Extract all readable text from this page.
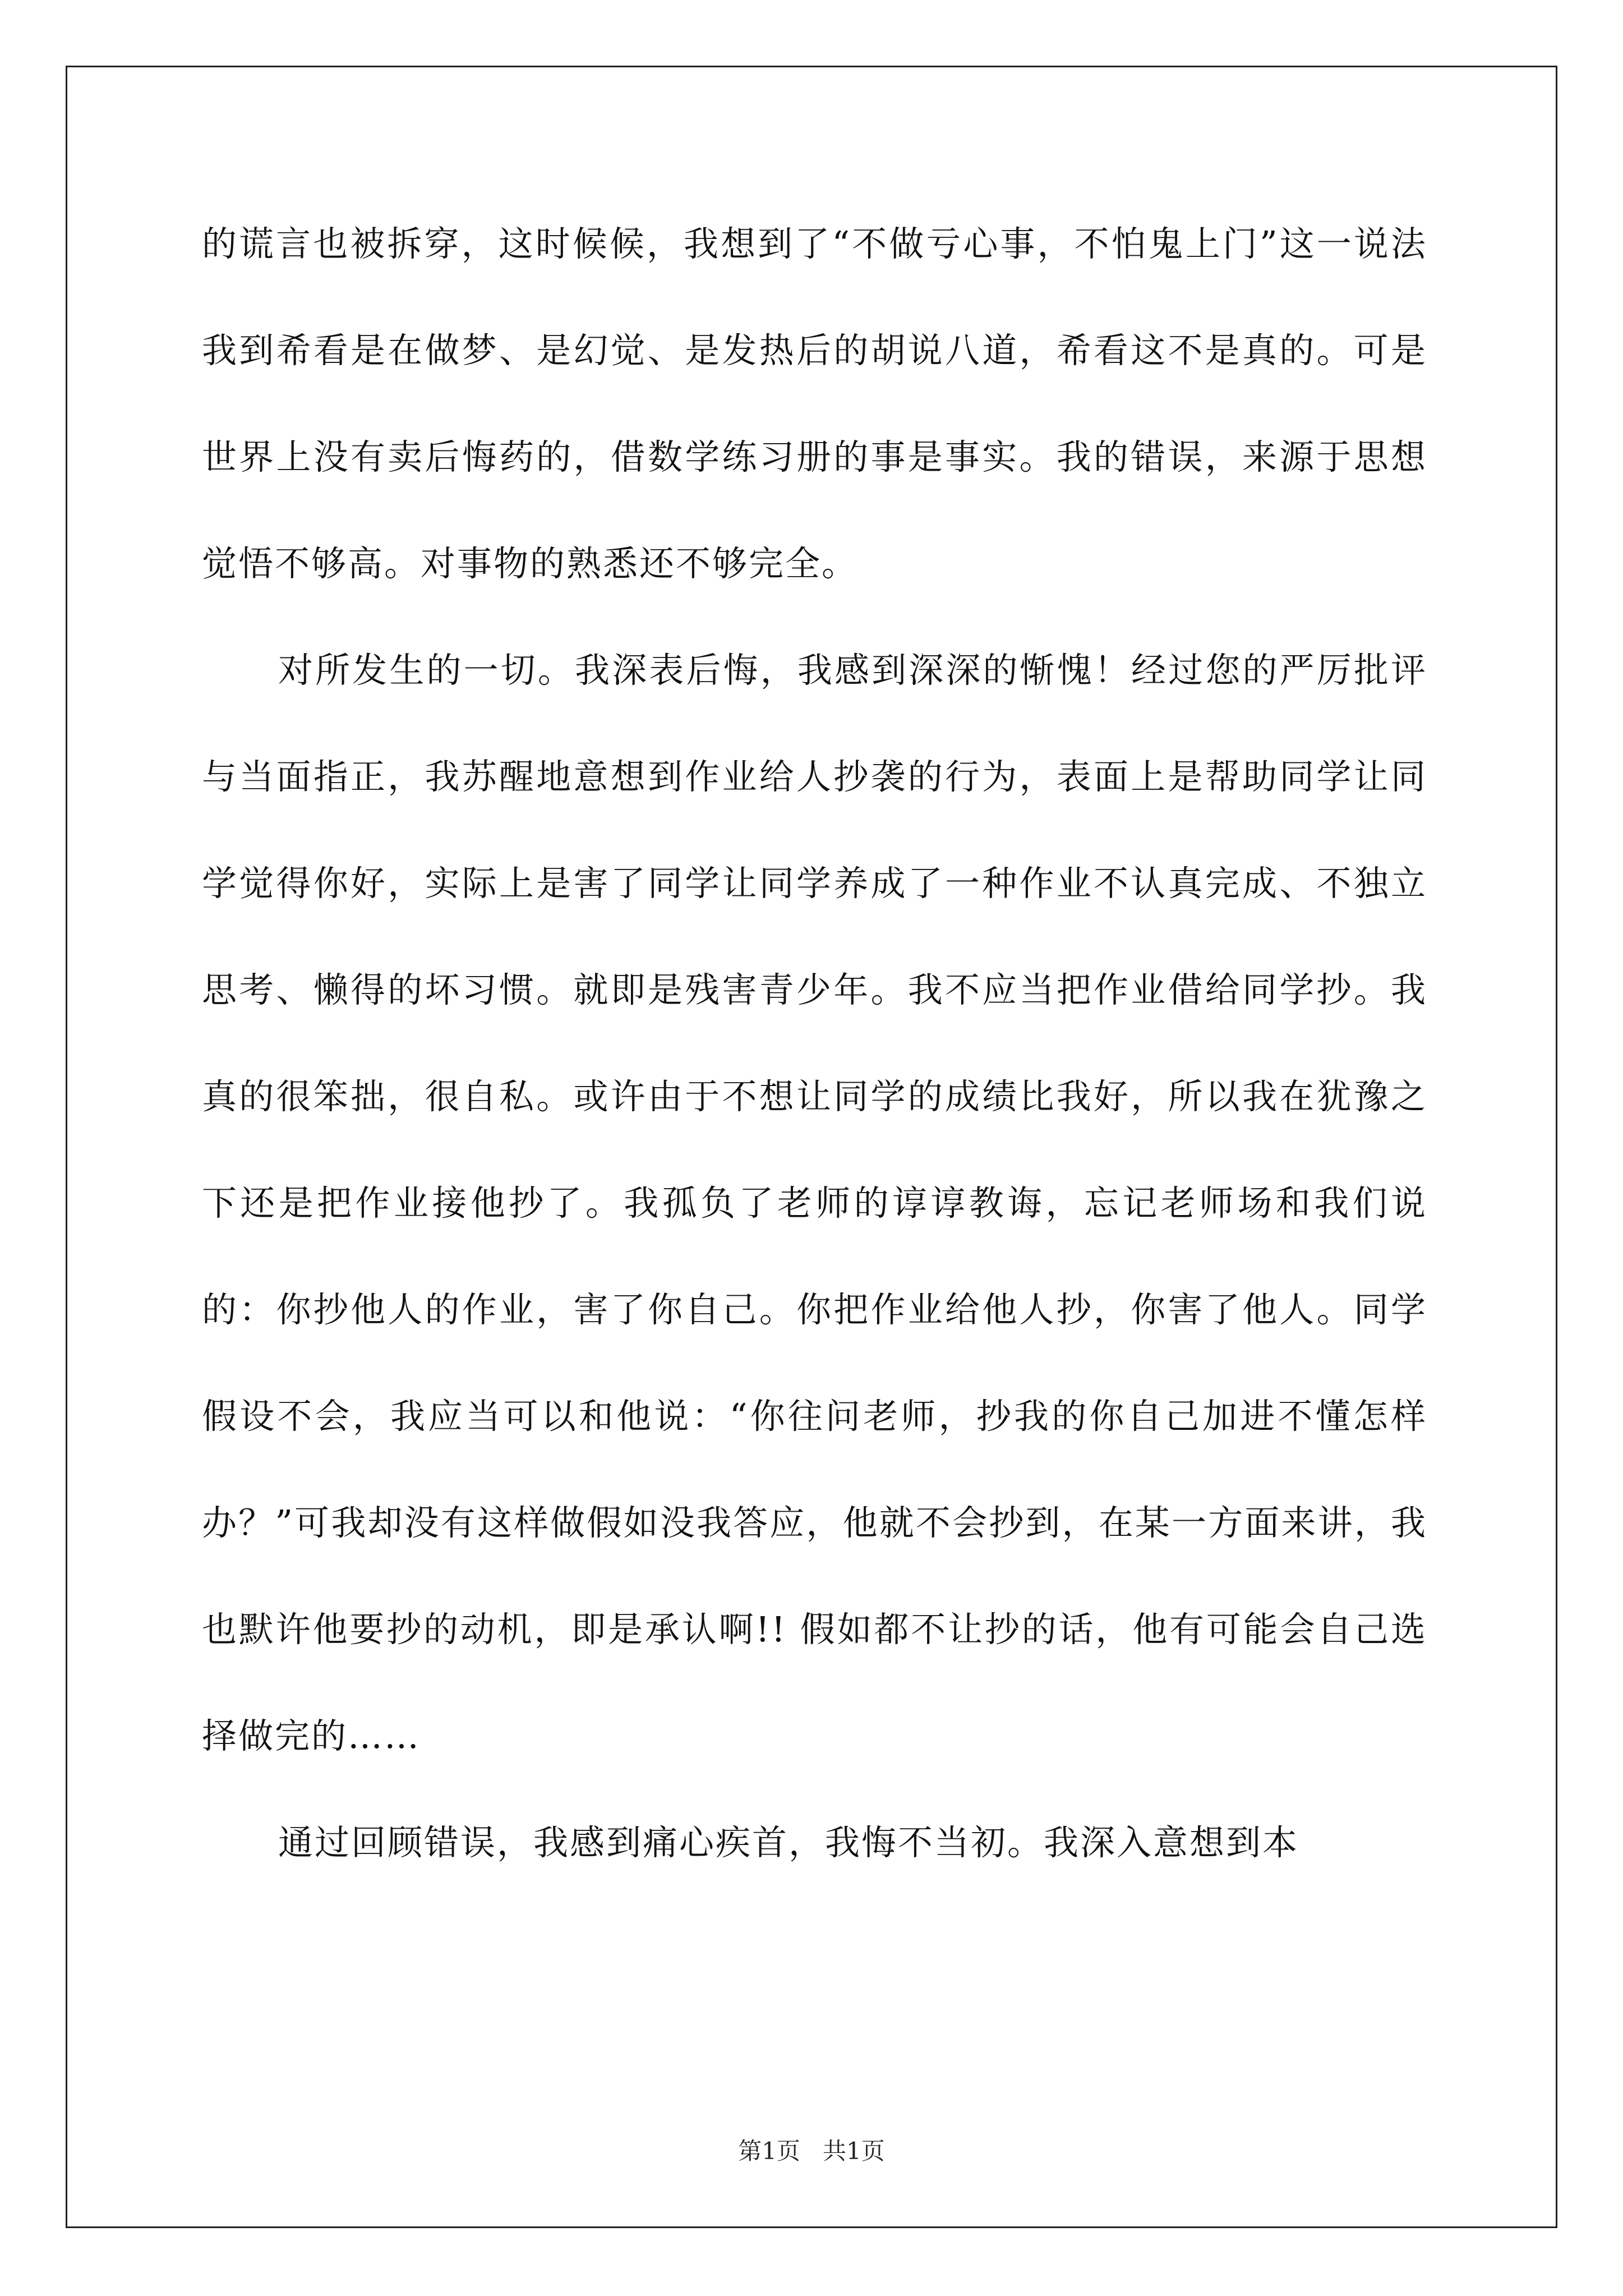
的谎言也被拆穿，这时候候，我想到了“不做亏心事，不怕鬼上门”这一说法我到希看是在做梦、是幻觉、是发热后的胡说八道，希看这不是真的。可是世界上没有卖后悔药的，借数学练习册的事是事实。我的错误，来源于思想觉悟不够高。对事物的熟悉还不够完全。

对所发生的一切。我深表后悔，我感到深深的惭愧！经过您的严厉批评与当面指正，我苏醒地意想到作业给人抄袭的行为，表面上是帮助同学让同学觉得你好，实际上是害了同学让同学养成了一种作业不认真完成、不独立思考、懒得的坏习惯。就即是残害青少年。我不应当把作业借给同学抄。我真的很笨拙，很自私。或许由于不想让同学的成绩比我好，所以我在犹豫之下还是把作业接他抄了。我孤负了老师的谆谆教诲，忘记老师场和我们说的：你抄他人的作业，害了你自己。你把作业给他人抄，你害了他人。同学假设不会，我应当可以和他说：“你往问老师，抄我的你自己加进不懂怎样办？”可我却没有这样做假如没我答应，他就不会抄到，在某一方面来讲，我也默许他要抄的动机，即是承认啊!! 假如都不让抄的话，他有可能会自己选择做完的……

通过回顾错误，我感到痛心疾首，我悔不当初。我深入意想到本

第1页 共1页
